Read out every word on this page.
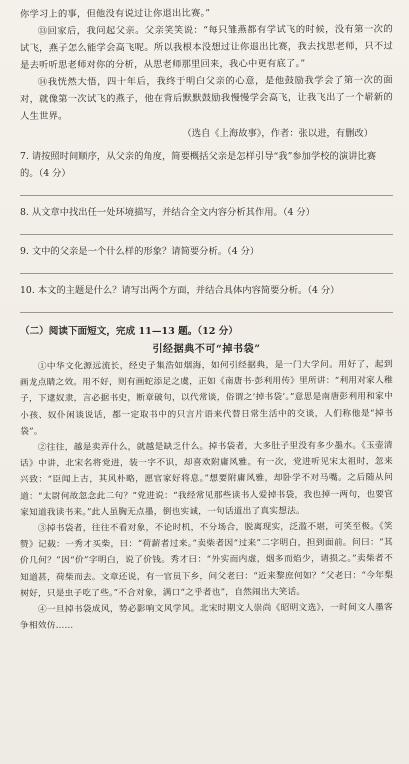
你学习上的事，但他没有说过让你退出比赛。”

⑬回家后，我问起父亲。父亲笑笑说：“每只雏燕都有学试飞的时候，没有第一次的试飞，燕子怎么能学会高飞呢。所以我根本没想过让你退出比赛，我去找思老师，只不过是去听听思老师对你的分析，从思老师那里回来，我心中更有底了。”

⑭我恍然大悟，四十年后，我终于明白父亲的心意，是他鼓励我学会了第一次的面对，就像第一次试飞的燕子，他在背后默默鼓励我慢慢学会高飞，让我飞出了一个崭新的人生世界。

（选自《上海故事》，作者：张以进，有删改）

7. 请按照时间顺序，从父亲的角度，简要概括父亲是怎样引导“我”参加学校的演讲比赛的。（4 分）

8. 从文章中找出任一处环境描写，并结合全文内容分析其作用。（4 分）

9. 文中的父亲是一个什么样的形象？请简要分析。（4 分）

10. 本文的主题是什么？请写出两个方面，并结合具体内容简要分析。（4 分）

（二）阅读下面短文，完成 11—13 题。（12 分）

引经据典不可“掉书袋”

①中华文化源远流长，经史子集浩如烟海，如何引经据典，是一门大学问。用好了，起到画龙点睛之效。用不好，则有画蛇添足之虞，正如《南唐书·彭利用传》里所讲：“利用对家人稚子，下逮奴隶，言必据书史，断章破句，以代常谈，俗谓之‘掉书袋’。”意思是南唐彭利用和家中小孩、奴仆闲谈说话，都一定取书中的只言片语来代替日常生活中的交谈，人们称他是“掉书袋”。

②往往，越是卖弄什么，就越是缺乏什么。掉书袋者，大多肚子里没有多少墨水。《玉壶清话》中讲，北宋名将党进，装一字不识，却喜欢附庸风雅。有一次，党进听见宋太祖时，忽来兴致：“臣闻上古，其风朴略，愿官家好将息。”想要附庸风雅，却卧学不对马嘴。之后随从问道：“太尉何故忽念此二句？”党进说：“我经常见那些读书人爱掉书袋，我也掉一两句，也要官家知道我读书来。”此人虽胸无点墨，倒也实诚，一句话道出了真实想法。

③掉书袋者，往往不看对象，不论时机，不分场合，脱离现实，泛滥不堪，可笑至极。《笑赞》记载：一秀才买柴，曰：“荷薪者过来。”卖柴者因“过来”二字明白，担到面前。问曰：“其价几何？”因“价”字明白，说了价钱。秀才曰：“外实而内虚，烟多而焰少，请损之。”卖柴者不知道甚，荷柴而去。文章还说，有一官员下乡，问父老曰：“近来黎庶何如？”父老曰：“今年梨树好，只是虫子吃了些。”不合对象，满口“之乎者也”，自然闹出大笑话。

④一旦掉书袋成风，势必影响文风学风。北宋时期文人崇尚《昭明文选》，一时间文人墨客争相效仿……
